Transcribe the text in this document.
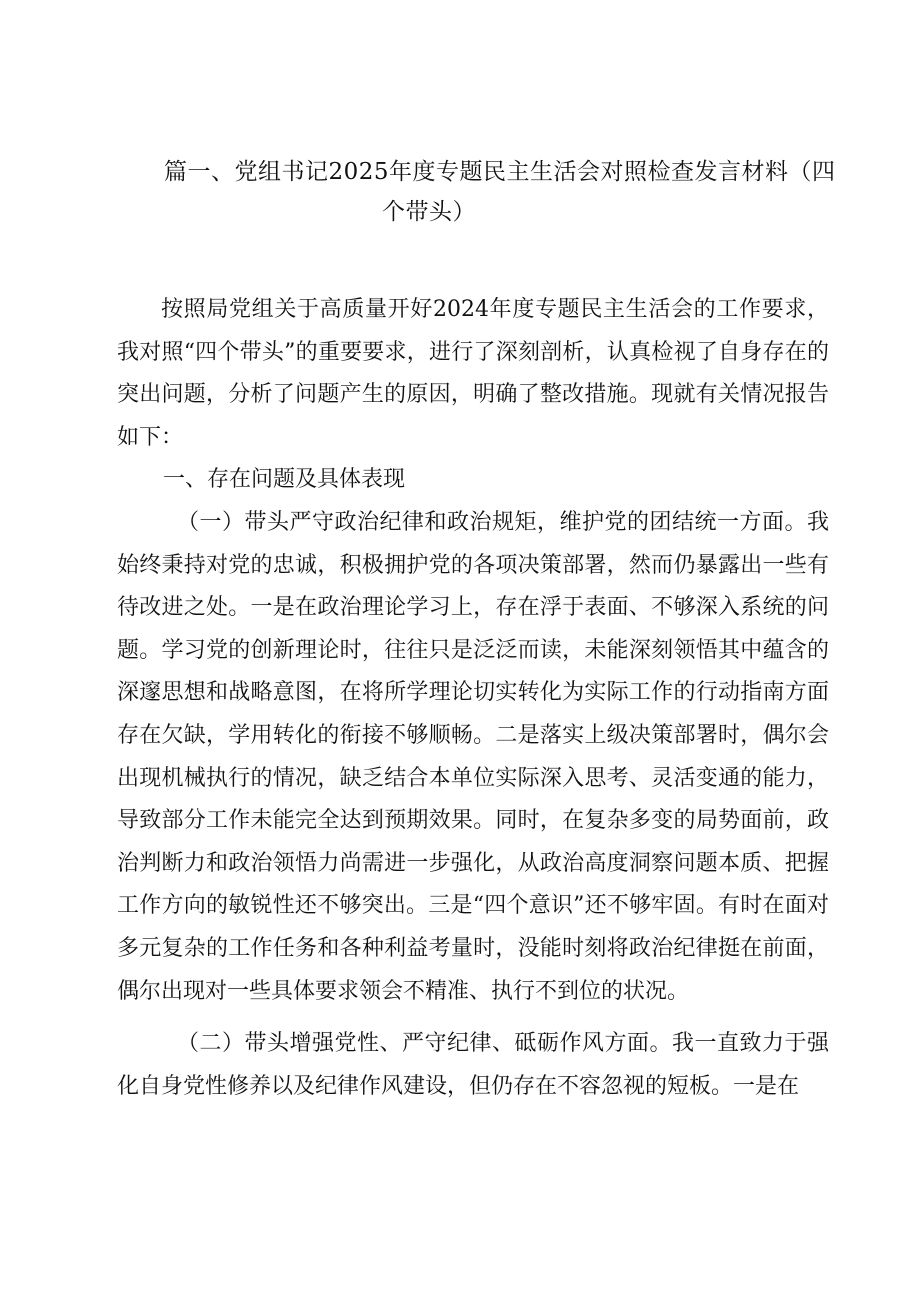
篇一、党组书记2025年度专题民主生活会对照检查发言材料（四
个带头）

按照局党组关于高质量开好2024年度专题民主生活会的工作要求，我对照“四个带头”的重要要求，进行了深刻剖析，认真检视了自身存在的突出问题，分析了问题产生的原因，明确了整改措施。现就有关情况报告如下：

一、存在问题及具体表现

（一）带头严守政治纪律和政治规矩，维护党的团结统一方面。我始终秉持对党的忠诚，积极拥护党的各项决策部署，然而仍暴露出一些有待改进之处。一是在政治理论学习上，存在浮于表面、不够深入系统的问题。学习党的创新理论时，往往只是泛泛而读，未能深刻领悟其中蕴含的深邃思想和战略意图，在将所学理论切实转化为实际工作的行动指南方面存在欠缺，学用转化的衔接不够顺畅。二是落实上级决策部署时，偶尔会出现机械执行的情况，缺乏结合本单位实际深入思考、灵活变通的能力，导致部分工作未能完全达到预期效果。同时，在复杂多变的局势面前，政治判断力和政治领悟力尚需进一步强化，从政治高度洞察问题本质、把握工作方向的敏锐性还不够突出。三是“四个意识”还不够牢固。有时在面对多元复杂的工作任务和各种利益考量时，没能时刻将政治纪律挺在前面，偶尔出现对一些具体要求领会不精准、执行不到位的状况。

（二）带头增强党性、严守纪律、砥砺作风方面。我一直致力于强化自身党性修养以及纪律作风建设，但仍存在不容忽视的短板。一是在
